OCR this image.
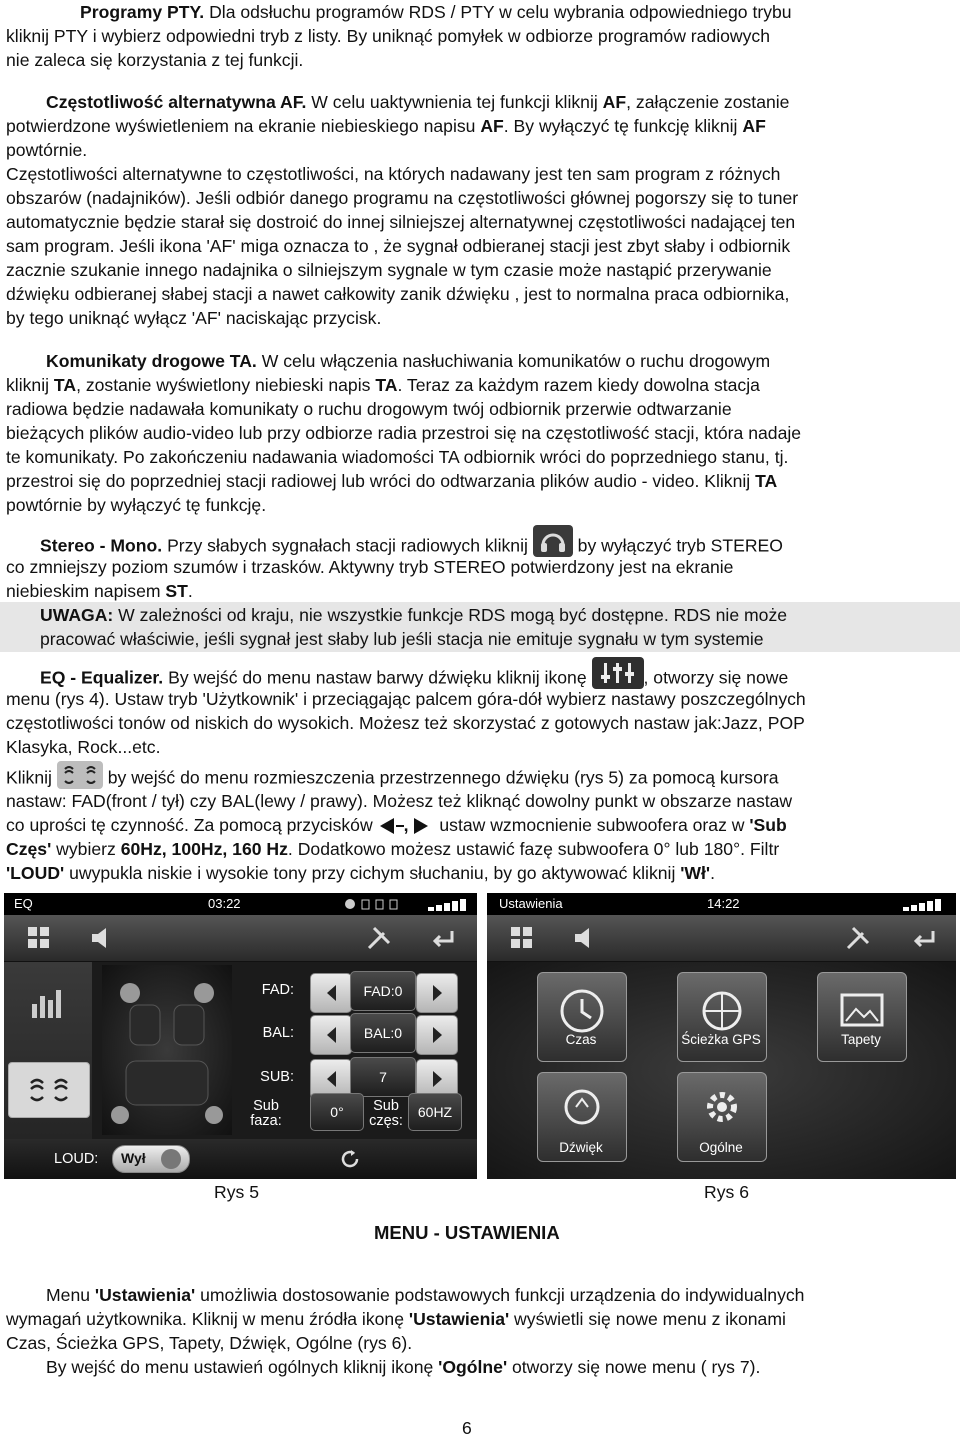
Programy PTY. Dla odsłuchu programów RDS / PTY w celu wybrania odpowiedniego trybu
kliknij PTY i wybierz odpowiedni tryb z listy. By uniknąć pomyłek w odbiorze programów radiowych
nie zaleca się korzystania z tej funkcji.
Częstotliwość alternatywna AF. W celu uaktywnienia tej funkcji kliknij AF, załączenie zostanie
potwierdzone wyświetleniem na ekranie niebieskiego napisu AF. By wyłączyć tę funkcję kliknij AF
powtórnie.
Częstotliwości alternatywne to częstotliwości, na których nadawany jest ten sam program z różnych
obszarów (nadajników). Jeśli odbiór danego programu na częstotliwości głównej pogorszy się to tuner
automatycznie będzie starał się dostroić do innej silniejszej alternatywnej częstotliwości nadającej ten
sam program. Jeśli ikona 'AF' miga oznacza to , że sygnał odbieranej stacji jest zbyt słaby i odbiornik
zacznie szukanie innego nadajnika o silniejszym sygnale w tym czasie może nastąpić przerywanie
dźwięku odbieranej słabej stacji a nawet całkowity zanik dźwięku , jest to normalna praca odbiornika,
by tego uniknąć wyłącz 'AF' naciskając przycisk.
Komunikaty drogowe TA. W celu włączenia nasłuchiwania komunikatów o ruchu drogowym
kliknij TA, zostanie wyświetlony niebieski napis TA. Teraz za każdym razem kiedy dowolna stacja
radiowa będzie nadawała komunikaty o ruchu drogowym twój odbiornik przerwie odtwarzanie
bieżących plików audio-video lub przy odbiorze radia przestroi się na częstotliwość stacji, która nadaje
te komunikaty. Po zakończeniu nadawania wiadomości TA odbiornik wróci do poprzedniego stanu, tj.
przestroi się do poprzedniej stacji radiowej lub wróci do odtwarzania plików audio - video. Kliknij TA
powtórnie by wyłączyć tę funkcję.
Stereo - Mono. Przy słabych sygnałach stacji radiowych kliknij  by wyłączyć tryb STEREO
co zmniejszy poziom szumów i trzasków. Aktywny tryb STEREO potwierdzony jest na ekranie
niebieskim napisem ST.
UWAGA: W zależności od kraju, nie wszystkie funkcje RDS mogą być dostępne. RDS nie może
pracować właściwie, jeśli sygnał jest słaby lub jeśli stacja nie emituje sygnału w tym systemie
EQ - Equalizer. By wejść do menu nastaw barwy dźwięku kliknij ikonę	, otworzy się nowe
menu (rys 4). Ustaw tryb 'Użytkownik' i przeciągając palcem góra-dół wybierz nastawy poszczególnych
częstotliwości tonów od niskich do wysokich. Możesz też skorzystać z gotowych nastaw jak:Jazz, POP
Klasyka, Rock...etc.
Kliknij	by wejść do menu rozmieszczenia przestrzennego dźwięku (rys 5) za pomocą kursora
nastaw: FAD(front / tył) czy BAL(lewy / prawy). Możesz też kliknąć dowolny punkt w obszarze nastaw
co uprości tę czynność. Za pomocą przycisków , ustaw wzmocnienie subwoofera oraz w 'Sub
Częs' wybierz 60Hz, 100Hz, 160 Hz. Dodatkowo możesz ustawić fazę subwoofera 0° lub 180°. Filtr
'LOUD' uwypukla niskie i wysokie tony przy cichym słuchaniu, by go aktywować kliknij 'Wł'.
EQ	03:22
FAD:	FAD:0
BAL:	BAL:0
SUB:	7
Sub
faza:
0°	Sub
częs:
60HZ
LOUD: Wył
Ustawienia	14:22
Czas	Ścieżka GPS	Tapety
Dźwięk	Ogólne
Rys 5	Rys 6
MENU - USTAWIENIA
Menu 'Ustawienia' umożliwia dostosowanie podstawowych funkcji urządzenia do indywidualnych
wymagań użytkownika. Kliknij w menu źródła ikonę 'Ustawienia' wyświetli się nowe menu z ikonami
Czas, Ścieżka GPS, Tapety, Dźwięk, Ogólne (rys 6).
By wejść do menu ustawień ogólnych kliknij ikonę 'Ogólne' otworzy się nowe menu ( rys 7).
6
